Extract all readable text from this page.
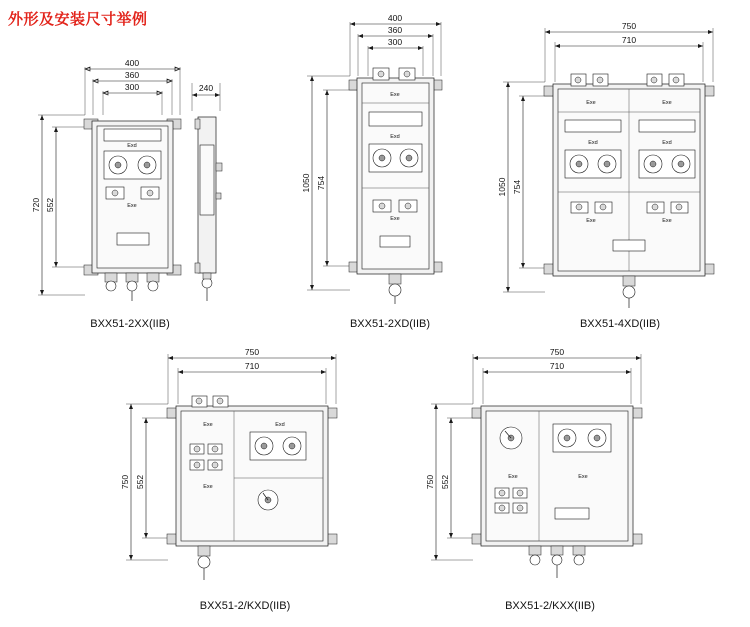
外形及安装尺寸举例
400
360
300
720 552
Exd
Exe
240
BXX51-2XX(IIB)
400
360
300
1050 754
Exe
Exd
Exe
BXX51-2XD(IIB)
750
710
1050 754
Exe	Exe
Exd	Exd
Exe	Exe
BXX51-4XD(IIB)
750
710
750 552
Exe
Exe
Exd
BXX51-2/KXD(IIB)
750
710
750 552	Exe	Exe
BXX51-2/KXX(IIB)
